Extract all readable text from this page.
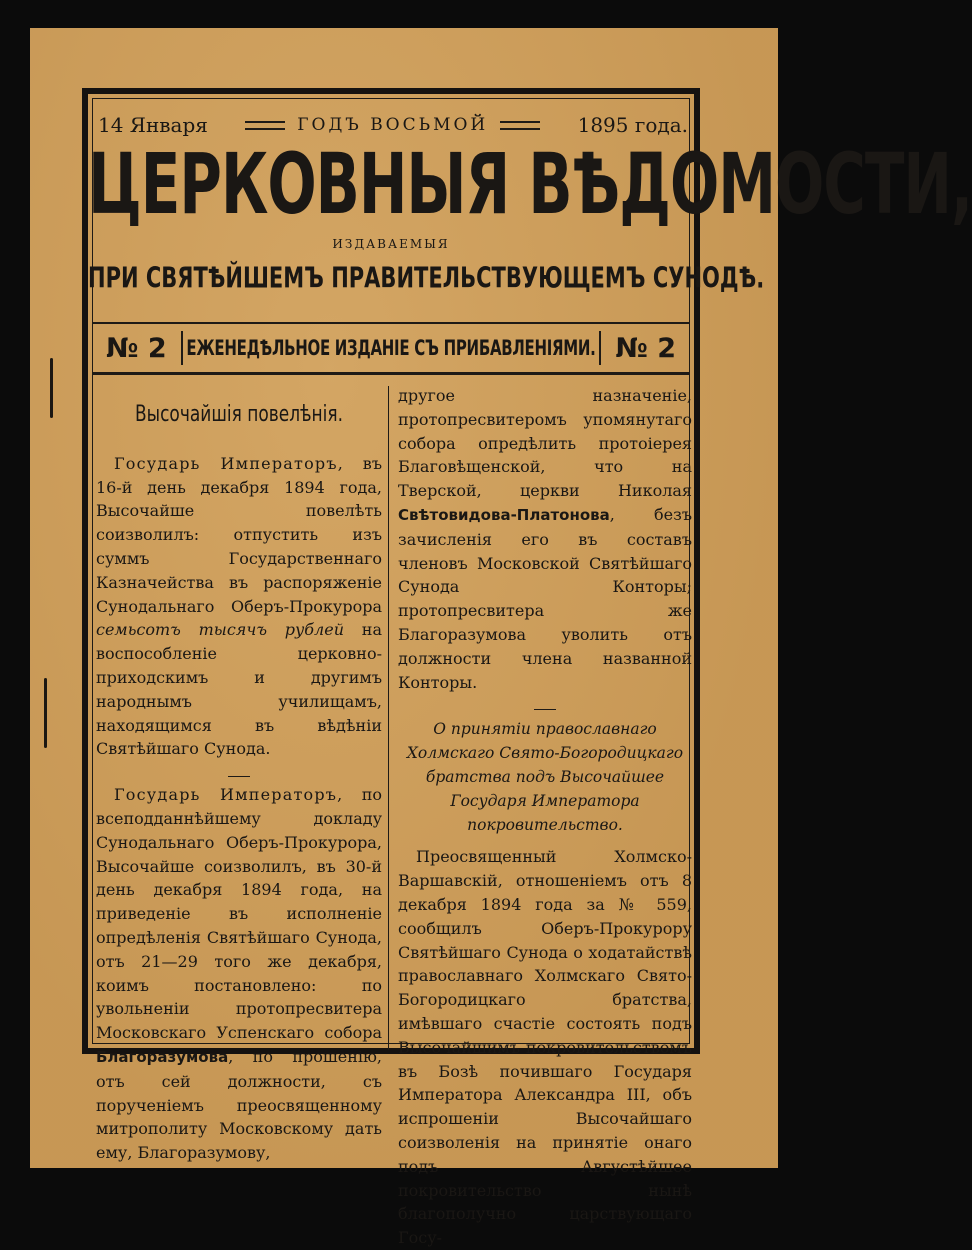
14 Января	ГОДЪ ВОСЬМОЙ	1895 года.
ЦЕРКОВНЫЯ ВѢДОМОСТИ,
ИЗДАВАЕМЫЯ
ПРИ СВЯТѢЙШЕМЪ ПРАВИТЕЛЬСТВУЮЩЕМЪ СУНОДѢ.
№ 2	ЕЖЕНЕДѢЛЬНОЕ ИЗДАНІЕ СЪ ПРИБАВЛЕНІЯМИ. № 2
Высочайшія повелѣнія.

Государь Императоръ, въ 16-й день декабря 1894 года, Высочайше повелѣть соизволилъ: отпустить изъ суммъ Государственнаго Казначейства въ распоряженіе Сунодальнаго Оберъ-Прокурора семьсотъ тысячъ рублей на воспособленіе церковно-приходскимъ и другимъ народнымъ училищамъ, находящимся въ вѣдѣніи Святѣйшаго Сунода.

Государь Императоръ, по всеподданнѣйшему докладу Сунодальнаго Оберъ-Прокурора, Высочайше соизволилъ, въ 30-й день декабря 1894 года, на приведеніе въ исполненіе опредѣленія Святѣйшаго Сунода, отъ 21—29 того же декабря, коимъ постановлено: по увольненіи протопресвитера Московскаго Успенскаго собора Благоразумова, по прошенію, отъ сей должности, съ порученіемъ преосвященному митрополиту Московскому дать ему, Благоразумову,

другое назначеніе, протопресвитеромъ упомянутаго собора опредѣлить протоіерея Благовѣщенской, что на Тверской, церкви Николая Свѣтовидова-Платонова, безъ зачисленія его въ составъ членовъ Московской Святѣйшаго Сунода Конторы; протопресвитера же Благоразумова уволить отъ должности члена названной Конторы.

О принятіи православнаго Холмскаго Свято-Богородицкаго братства подъ Высочайшее Государя Императора покровительство.

Преосвященный Холмско-Варшавскій, отношеніемъ отъ 8 декабря 1894 года за № 559, сообщилъ Оберъ-Прокурору Святѣйшаго Сунода о ходатайствѣ православнаго Холмскаго Свято-Богородицкаго братства, имѣвшаго счастіе состоять подъ Высочайшимъ покровительствомъ въ Бозѣ почившаго Государя Императора Александра III, объ испрошеніи Высочайшаго соизволенія на принятіе онаго подъ Августѣйшее покровительство нынѣ благополучно царствующаго Госу-
